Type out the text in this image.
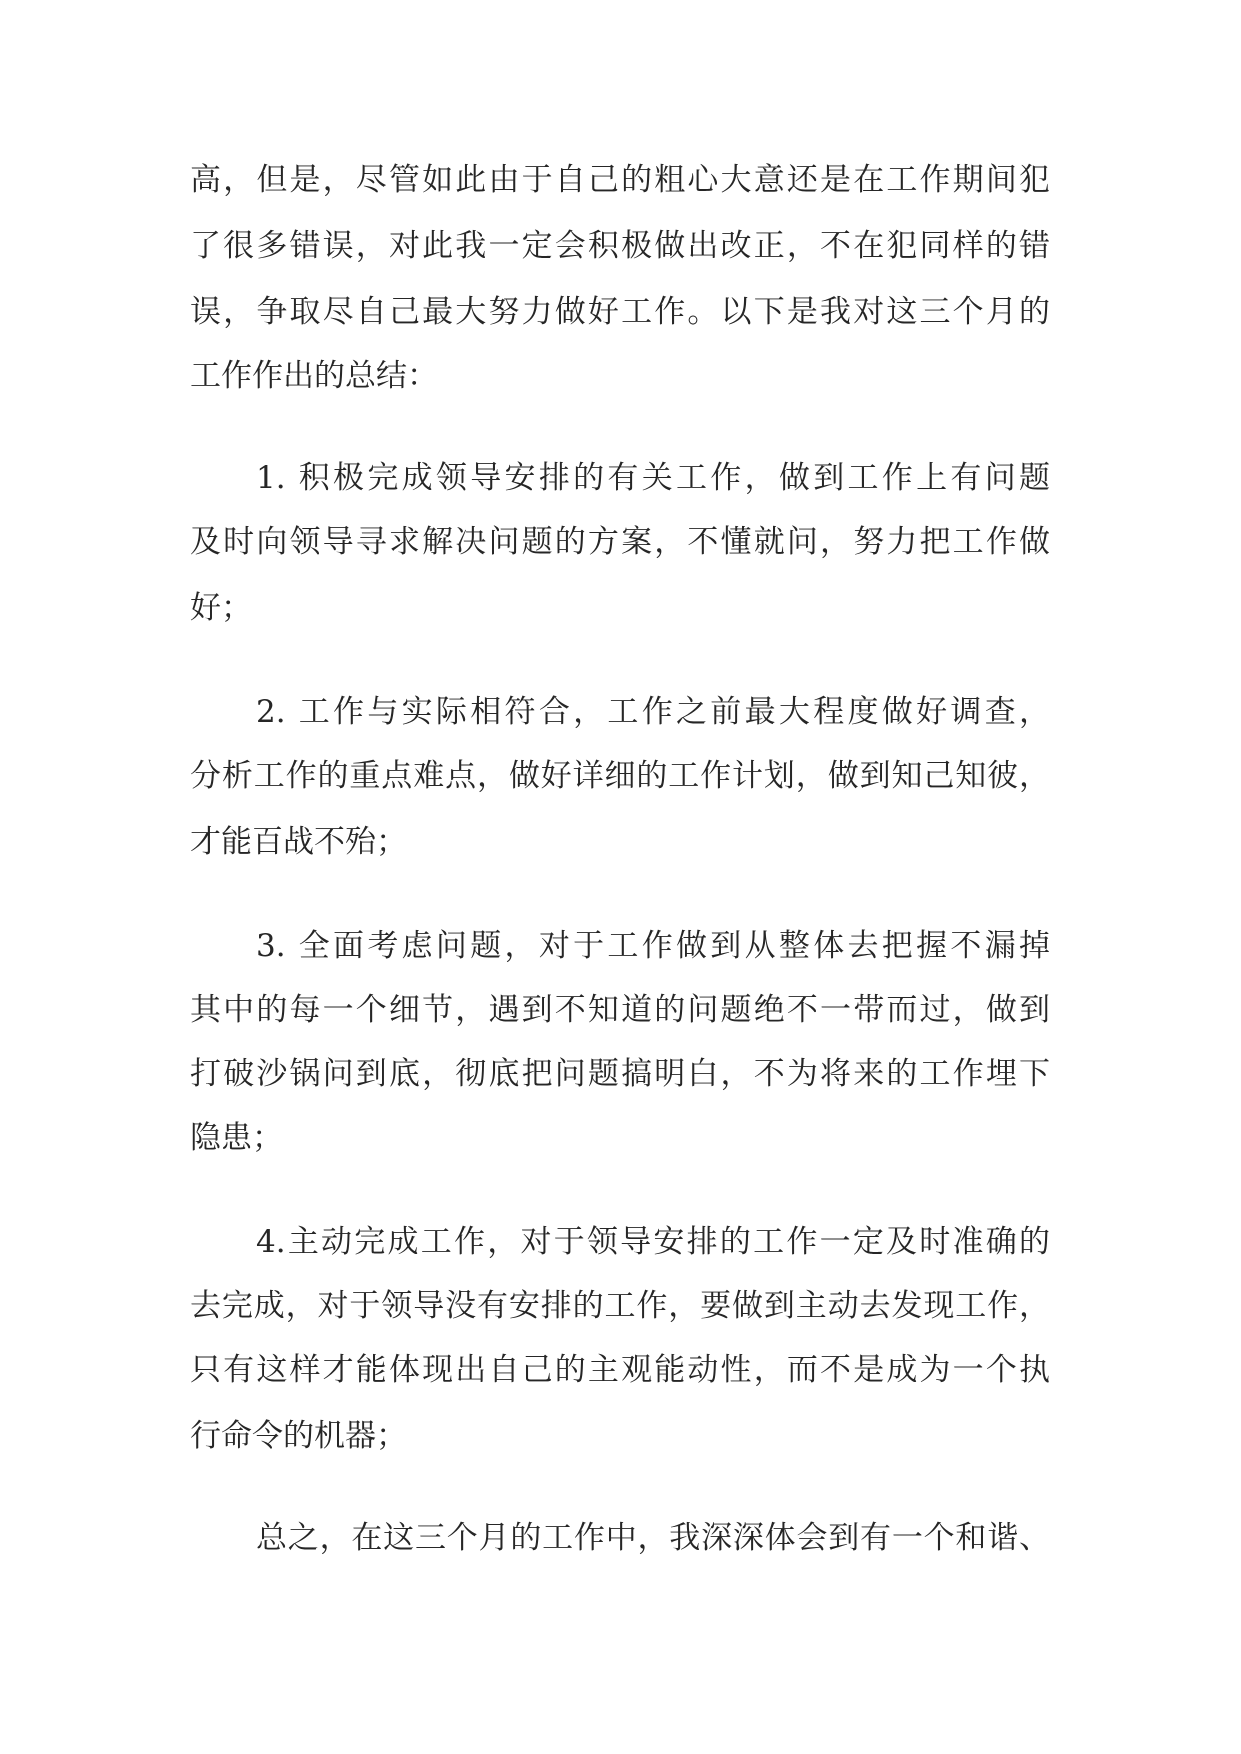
高，但是，尽管如此由于自己的粗心大意还是在工作期间犯
了很多错误，对此我一定会积极做出改正，不在犯同样的错
误，争取尽自己最大努力做好工作。以下是我对这三个月的
工作作出的总结：
1. 积极完成领导安排的有关工作，做到工作上有问题
及时向领导寻求解决问题的方案，不懂就问，努力把工作做
好；
2. 工作与实际相符合，工作之前最大程度做好调查，
分析工作的重点难点，做好详细的工作计划，做到知己知彼，
才能百战不殆；
3. 全面考虑问题，对于工作做到从整体去把握不漏掉
其中的每一个细节，遇到不知道的问题绝不一带而过，做到
打破沙锅问到底，彻底把问题搞明白，不为将来的工作埋下
隐患；
4.主动完成工作，对于领导安排的工作一定及时准确的
去完成，对于领导没有安排的工作，要做到主动去发现工作，
只有这样才能体现出自己的主观能动性，而不是成为一个执
行命令的机器；
总之，在这三个月的工作中，我深深体会到有一个和谐、
